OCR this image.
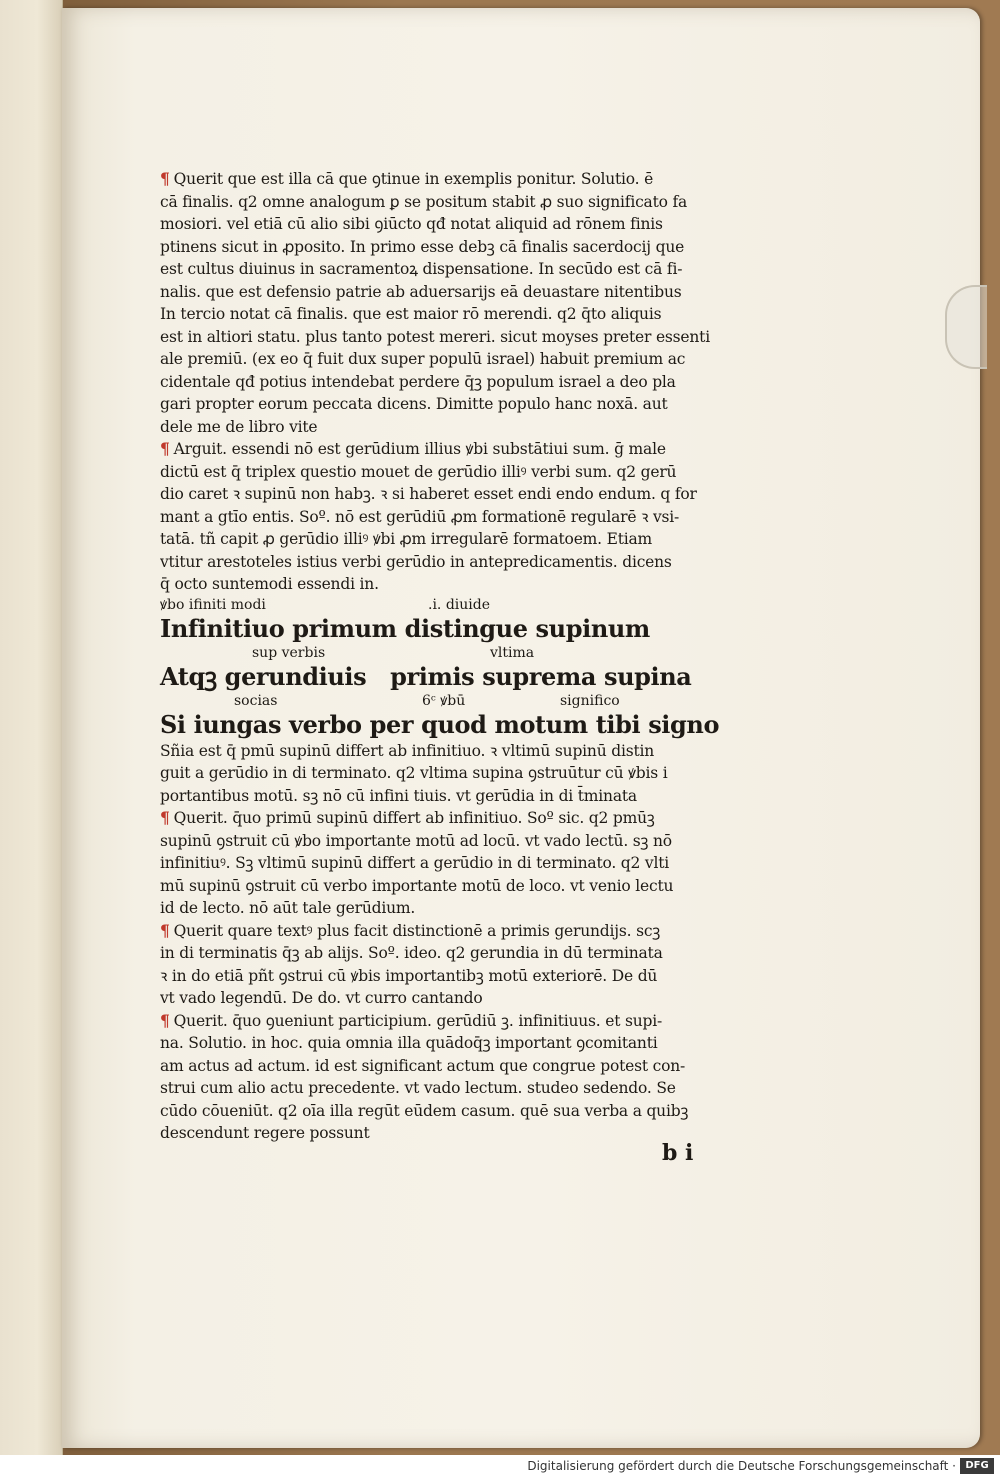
¶ Querit que est illa cā que ꝯtinue in exemplis ponitur. Solutio. ē
cā finalis. q2 omne analogum ꝑ se positum stabit ꝓ suo significato fa
mosiori. vel etiā cū alio sibi ꝯiūcto qđ notat aliquid ad rōnem finis
ptinens sicut in ꝓposito. In primo esse debꝫ cā finalis sacerdocij que
est cultus diuinus in sacramentoꝝ dispensatione. In secūdo est cā fi-
nalis. que est defensio patrie ab aduersarijs eā deuastare nitentibus
In tercio notat cā finalis. que est maior rō merendi. q2 q̄to aliquis
est in altiori statu. plus tanto potest mereri. sicut moyses preter essenti
ale premiū. (ex eo q̄ fuit dux super populū israel) habuit premium ac
cidentale qđ potius intendebat perdere q̄ꝫ populum israel a deo pla
gari propter eorum peccata dicens. Dimitte populo hanc noxā. aut
dele me de libro vite
¶ Arguit. essendi nō est gerūdium illius ꝟbi substātiui sum. ḡ male
dictū est q̄ triplex questio mouet de gerūdio illiꝰ verbi sum. q2 gerū
dio caret ꝛ supinū non habꝫ. ꝛ si haberet esset endi endo endum. q for
mant a gtīo entis. Soº. nō est gerūdiū ꝓm formationē regularē ꝛ vsi-
tatā. tñ capit ꝓ gerūdio illiꝰ ꝟbi ꝓm irregularē formatoem. Etiam
vtitur arestoteles istius verbi gerūdio in antepredicamentis. dicens
q̄ octo suntemodi essendi in.
ꝟbo ifiniti modi	.i. diuide
Infinitiuo primum distingue supinum
sup verbis	vltima
Atqꝫ gerundiuis   primis suprema supina
socias	6ᶜ ꝟbū	significo
Si iungas verbo per quod motum tibi signo
Sñia est q̄ pmū supinū differt ab infinitiuo. ꝛ vltimū supinū distin
guit a gerūdio in di terminato. q2 vltima supina ꝯstruūtur cū ꝟbis i
portantibus motū. sꝫ nō cū infini tiuis. vt gerūdia in di t̄minata
¶ Querit. q̄uo primū supinū differt ab infinitiuo. Soº sic. q2 pmūꝫ
supinū ꝯstruit cū ꝟbo importante motū ad locū. vt vado lectū. sꝫ nō
infinitiuꝰ. Sꝫ vltimū supinū differt a gerūdio in di terminato. q2 vlti
mū supinū ꝯstruit cū verbo importante motū de loco. vt venio lectu
id de lecto. nō aūt tale gerūdium.
¶ Querit quare textꝰ plus facit distinctionē a primis gerundijs. scꝫ
in di terminatis q̄ꝫ ab alijs. Soº. ideo. q2 gerundia in dū terminata
ꝛ in do etiā pñt ꝯstrui cū ꝟbis importantibꝫ motū exteriorē. De dū
vt vado legendū. De do. vt curro cantando
¶ Querit. q̄uo ꝯueniunt participium. gerūdiū ꝫ. infinitiuus. et supi-
na. Solutio. in hoc. quia omnia illa quādoq̄ꝫ important ꝯcomitanti
am actus ad actum. id est significant actum que congrue potest con-
strui cum alio actu precedente. vt vado lectum. studeo sedendo. Se
cūdo cōueniūt. q2 oīa illa regūt eūdem casum. quē sua verba a quibꝫ
descendunt regere possunt
b i
Digitalisierung gefördert durch die Deutsche Forschungsgemeinschaft · DFG
